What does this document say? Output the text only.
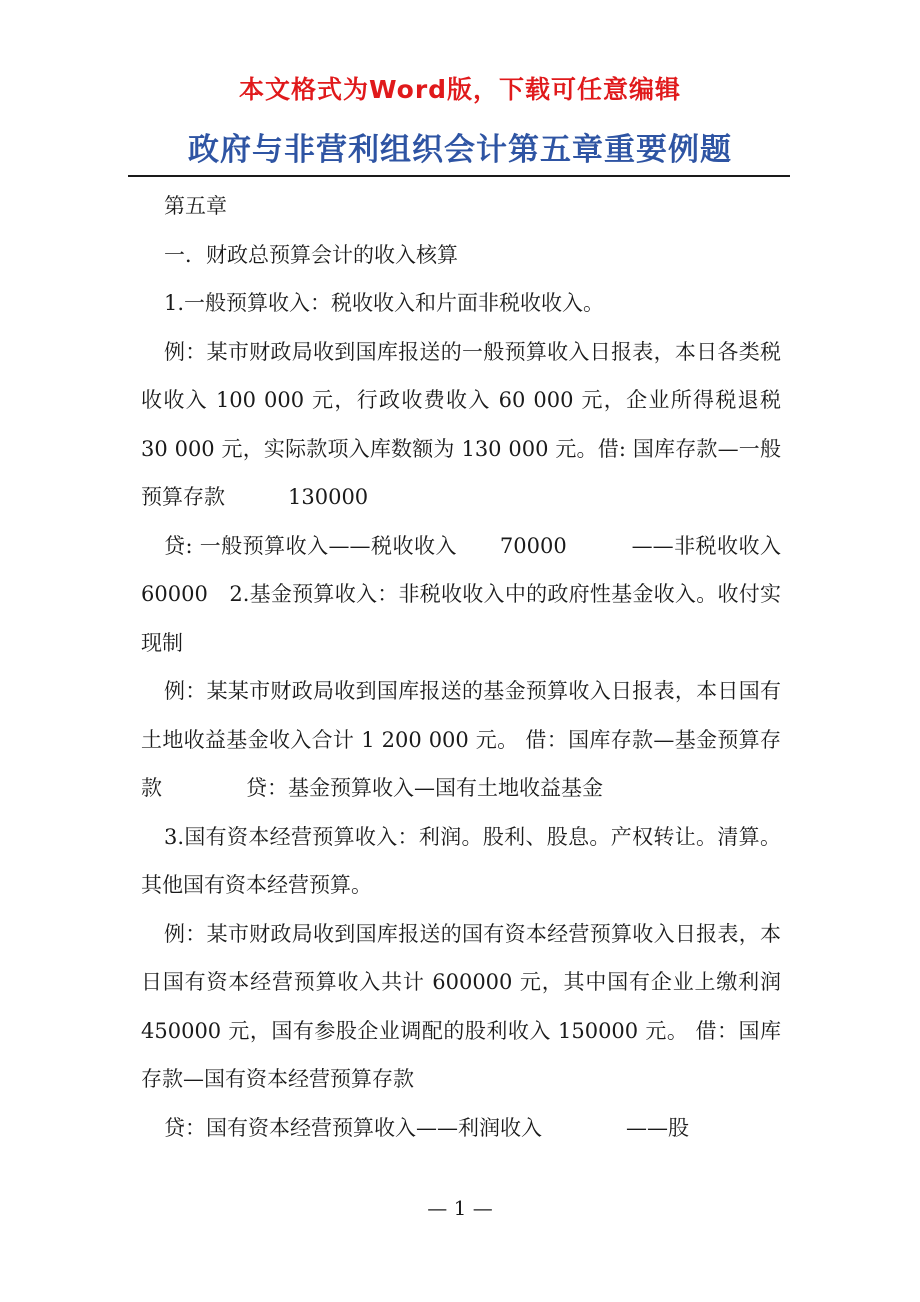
本文格式为Word版，下载可任意编辑
政府与非营利组织会计第五章重要例题

第五章

一．财政总预算会计的收入核算

1.一般预算收入：税收收入和片面非税收收入。

例：某市财政局收到国库报送的一般预算收入日报表，本日各类税收收入 100 000 元，行政收费收入 60 000 元，企业所得税退税 30 000 元，实际款项入库数额为 130 000 元。借: 国库存款—一般预算存款　　　130000

贷: 一般预算收入——税收收入　　70000　　　——非税收收入　60000　2.基金预算收入：非税收收入中的政府性基金收入。收付实现制

例：某某市财政局收到国库报送的基金预算收入日报表，本日国有土地收益基金收入合计 1 200 000 元。 借：国库存款—基金预算存款　　　　贷：基金预算收入—国有土地收益基金

3.国有资本经营预算收入：利润。股利、股息。产权转让。清算。其他国有资本经营预算。

例：某市财政局收到国库报送的国有资本经营预算收入日报表，本日国有资本经营预算收入共计 600000 元，其中国有企业上缴利润 450000 元，国有参股企业调配的股利收入 150000 元。 借：国库存款—国有资本经营预算存款

贷：国有资本经营预算收入——利润收入　　　　——股

— 1 —
